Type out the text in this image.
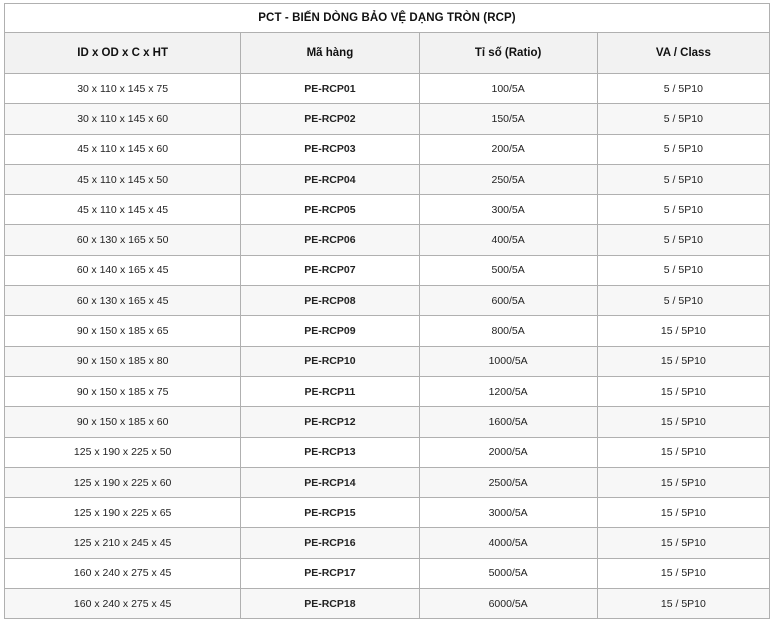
PCT - BIẾN DÒNG BẢO VỆ DẠNG TRÒN (RCP)			
ID x OD x C x HT	Mã hàng	Tỉ số (Ratio)	VA / Class
30 x 110 x 145 x 75	PE-RCP01	100/5A	5 / 5P10
30 x 110 x 145 x 60	PE-RCP02	150/5A	5 / 5P10
45 x 110 x 145 x 60	PE-RCP03	200/5A	5 / 5P10
45 x 110 x 145 x 50	PE-RCP04	250/5A	5 / 5P10
45 x 110 x 145 x 45	PE-RCP05	300/5A	5 / 5P10
60 x 130 x 165 x 50	PE-RCP06	400/5A	5 / 5P10
60 x 140 x 165 x 45	PE-RCP07	500/5A	5 / 5P10
60 x 130 x 165 x 45	PE-RCP08	600/5A	5 / 5P10
90 x 150 x 185 x 65	PE-RCP09	800/5A	15 / 5P10
90 x 150 x 185 x 80	PE-RCP10	1000/5A	15 / 5P10
90 x 150 x 185 x 75	PE-RCP11	1200/5A	15 / 5P10
90 x 150 x 185 x 60	PE-RCP12	1600/5A	15 / 5P10
125 x 190 x 225 x 50	PE-RCP13	2000/5A	15 / 5P10
125 x 190 x 225 x 60	PE-RCP14	2500/5A	15 / 5P10
125 x 190 x 225 x 65	PE-RCP15	3000/5A	15 / 5P10
125 x 210 x 245 x 45	PE-RCP16	4000/5A	15 / 5P10
160 x 240 x 275 x 45	PE-RCP17	5000/5A	15 / 5P10
160 x 240 x 275 x 45	PE-RCP18	6000/5A	15 / 5P10
